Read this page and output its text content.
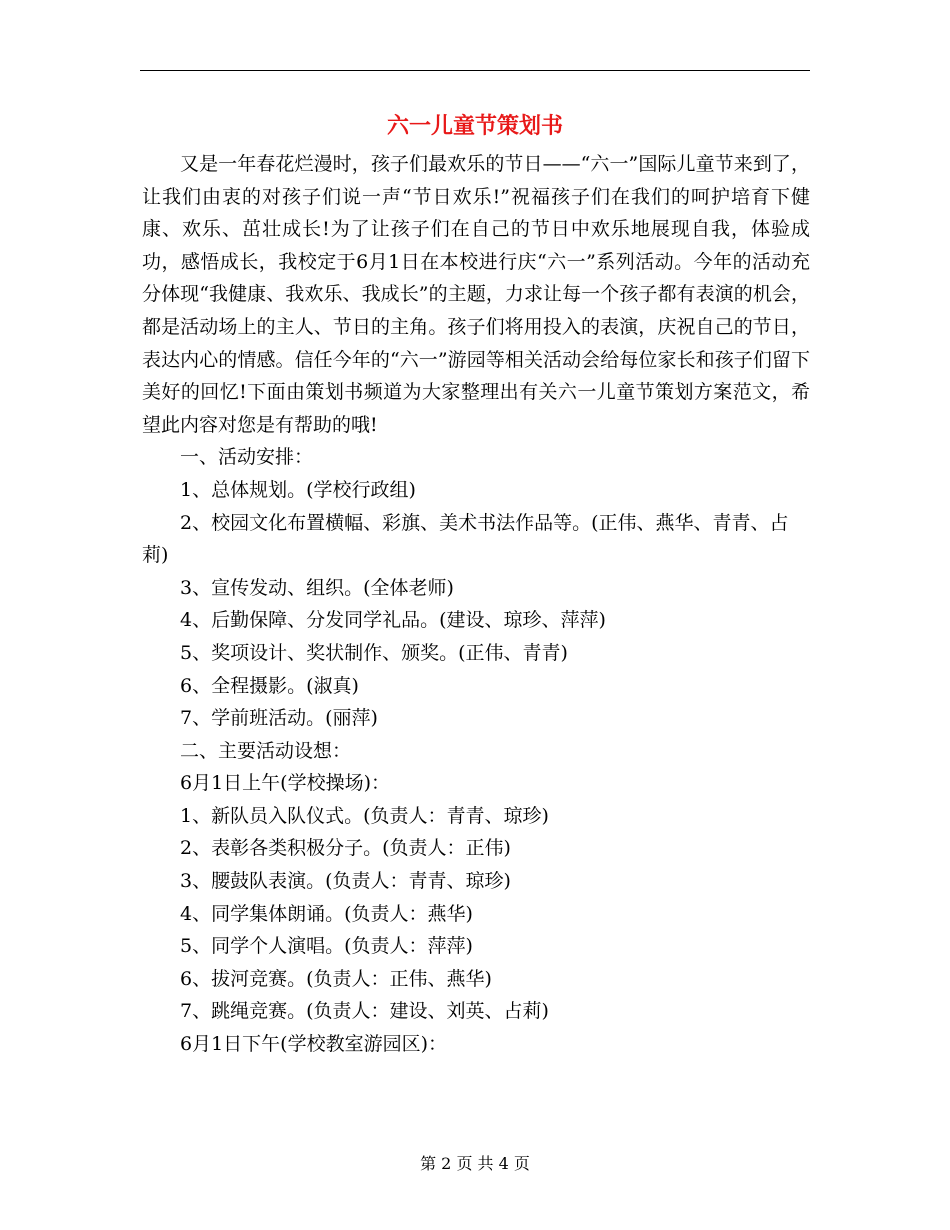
六一儿童节策划书

又是一年春花烂漫时，孩子们最欢乐的节日——“六一”国际儿童节来到了，让我们由衷的对孩子们说一声“节日欢乐!”祝福孩子们在我们的呵护培育下健康、欢乐、茁壮成长!为了让孩子们在自己的节日中欢乐地展现自我，体验成功，感悟成长，我校定于6月1日在本校进行庆“六一”系列活动。今年的活动充分体现“我健康、我欢乐、我成长”的主题，力求让每一个孩子都有表演的机会，都是活动场上的主人、节日的主角。孩子们将用投入的表演，庆祝自己的节日，表达内心的情感。信任今年的“六一”游园等相关活动会给每位家长和孩子们留下美好的回忆!下面由策划书频道为大家整理出有关六一儿童节策划方案范文，希望此内容对您是有帮助的哦!

一、活动安排：

1、总体规划。(学校行政组)

2、校园文化布置横幅、彩旗、美术书法作品等。(正伟、燕华、青青、占莉)

3、宣传发动、组织。(全体老师)

4、后勤保障、分发同学礼品。(建设、琼珍、萍萍)

5、奖项设计、奖状制作、颁奖。(正伟、青青)

6、全程摄影。(淑真)

7、学前班活动。(丽萍)

二、主要活动设想：

6月1日上午(学校操场)：

1、新队员入队仪式。(负责人：青青、琼珍)

2、表彰各类积极分子。(负责人：正伟)

3、腰鼓队表演。(负责人：青青、琼珍)

4、同学集体朗诵。(负责人：燕华)

5、同学个人演唱。(负责人：萍萍)

6、拔河竞赛。(负责人：正伟、燕华)

7、跳绳竞赛。(负责人：建设、刘英、占莉)

6月1日下午(学校教室游园区)：

第 2 页 共 4 页
